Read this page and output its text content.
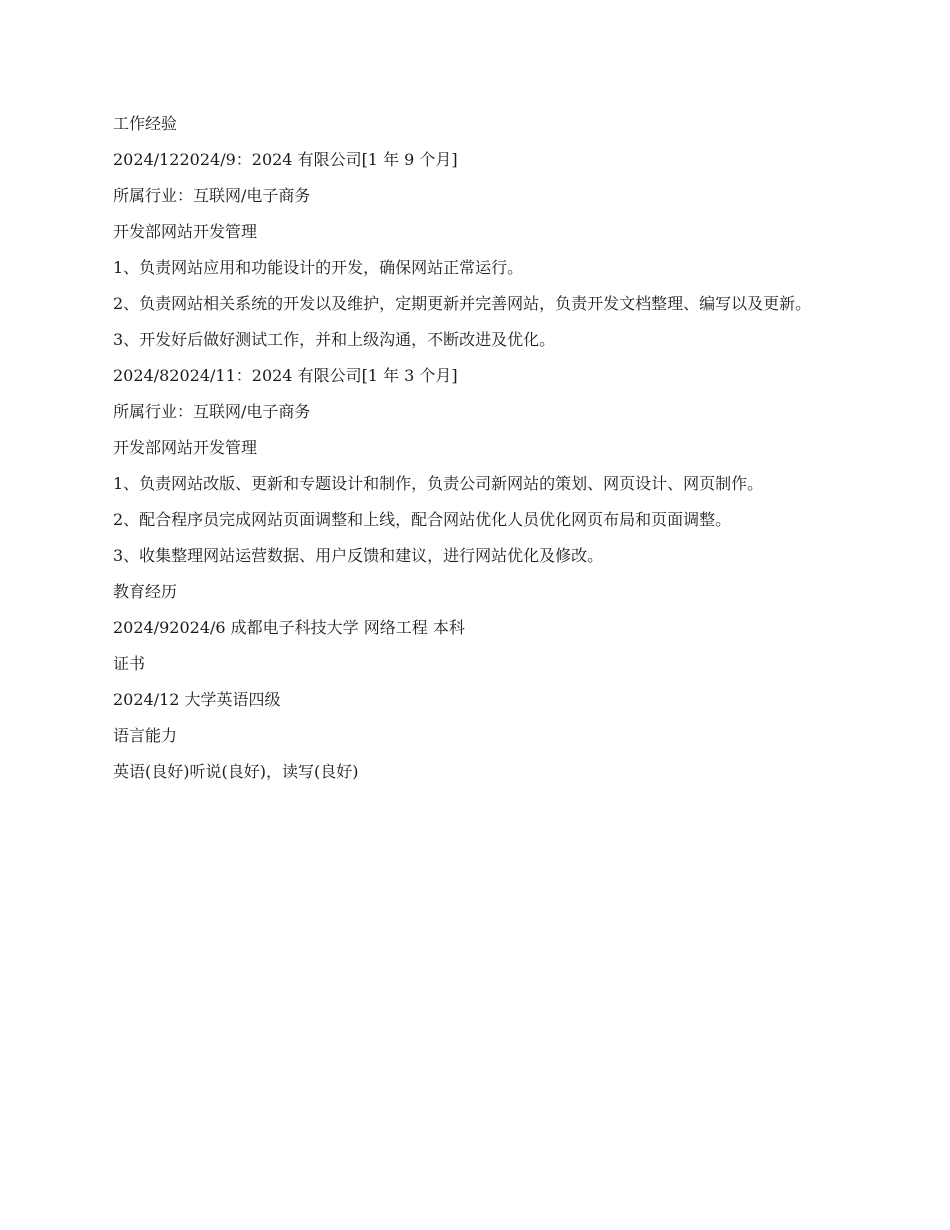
工作经验

2024/122024/9：2024 有限公司[1 年 9 个月]

所属行业：互联网/电子商务

开发部网站开发管理

1、负责网站应用和功能设计的开发，确保网站正常运行。

2、负责网站相关系统的开发以及维护，定期更新并完善网站，负责开发文档整理、编写以及更新。

3、开发好后做好测试工作，并和上级沟通，不断改进及优化。

2024/82024/11：2024 有限公司[1 年 3 个月]

所属行业：互联网/电子商务

开发部网站开发管理

1、负责网站改版、更新和专题设计和制作，负责公司新网站的策划、网页设计、网页制作。

2、配合程序员完成网站页面调整和上线，配合网站优化人员优化网页布局和页面调整。

3、收集整理网站运营数据、用户反馈和建议，进行网站优化及修改。

教育经历

2024/92024/6 成都电子科技大学 网络工程 本科

证书

2024/12 大学英语四级

语言能力

英语(良好)听说(良好)，读写(良好)
